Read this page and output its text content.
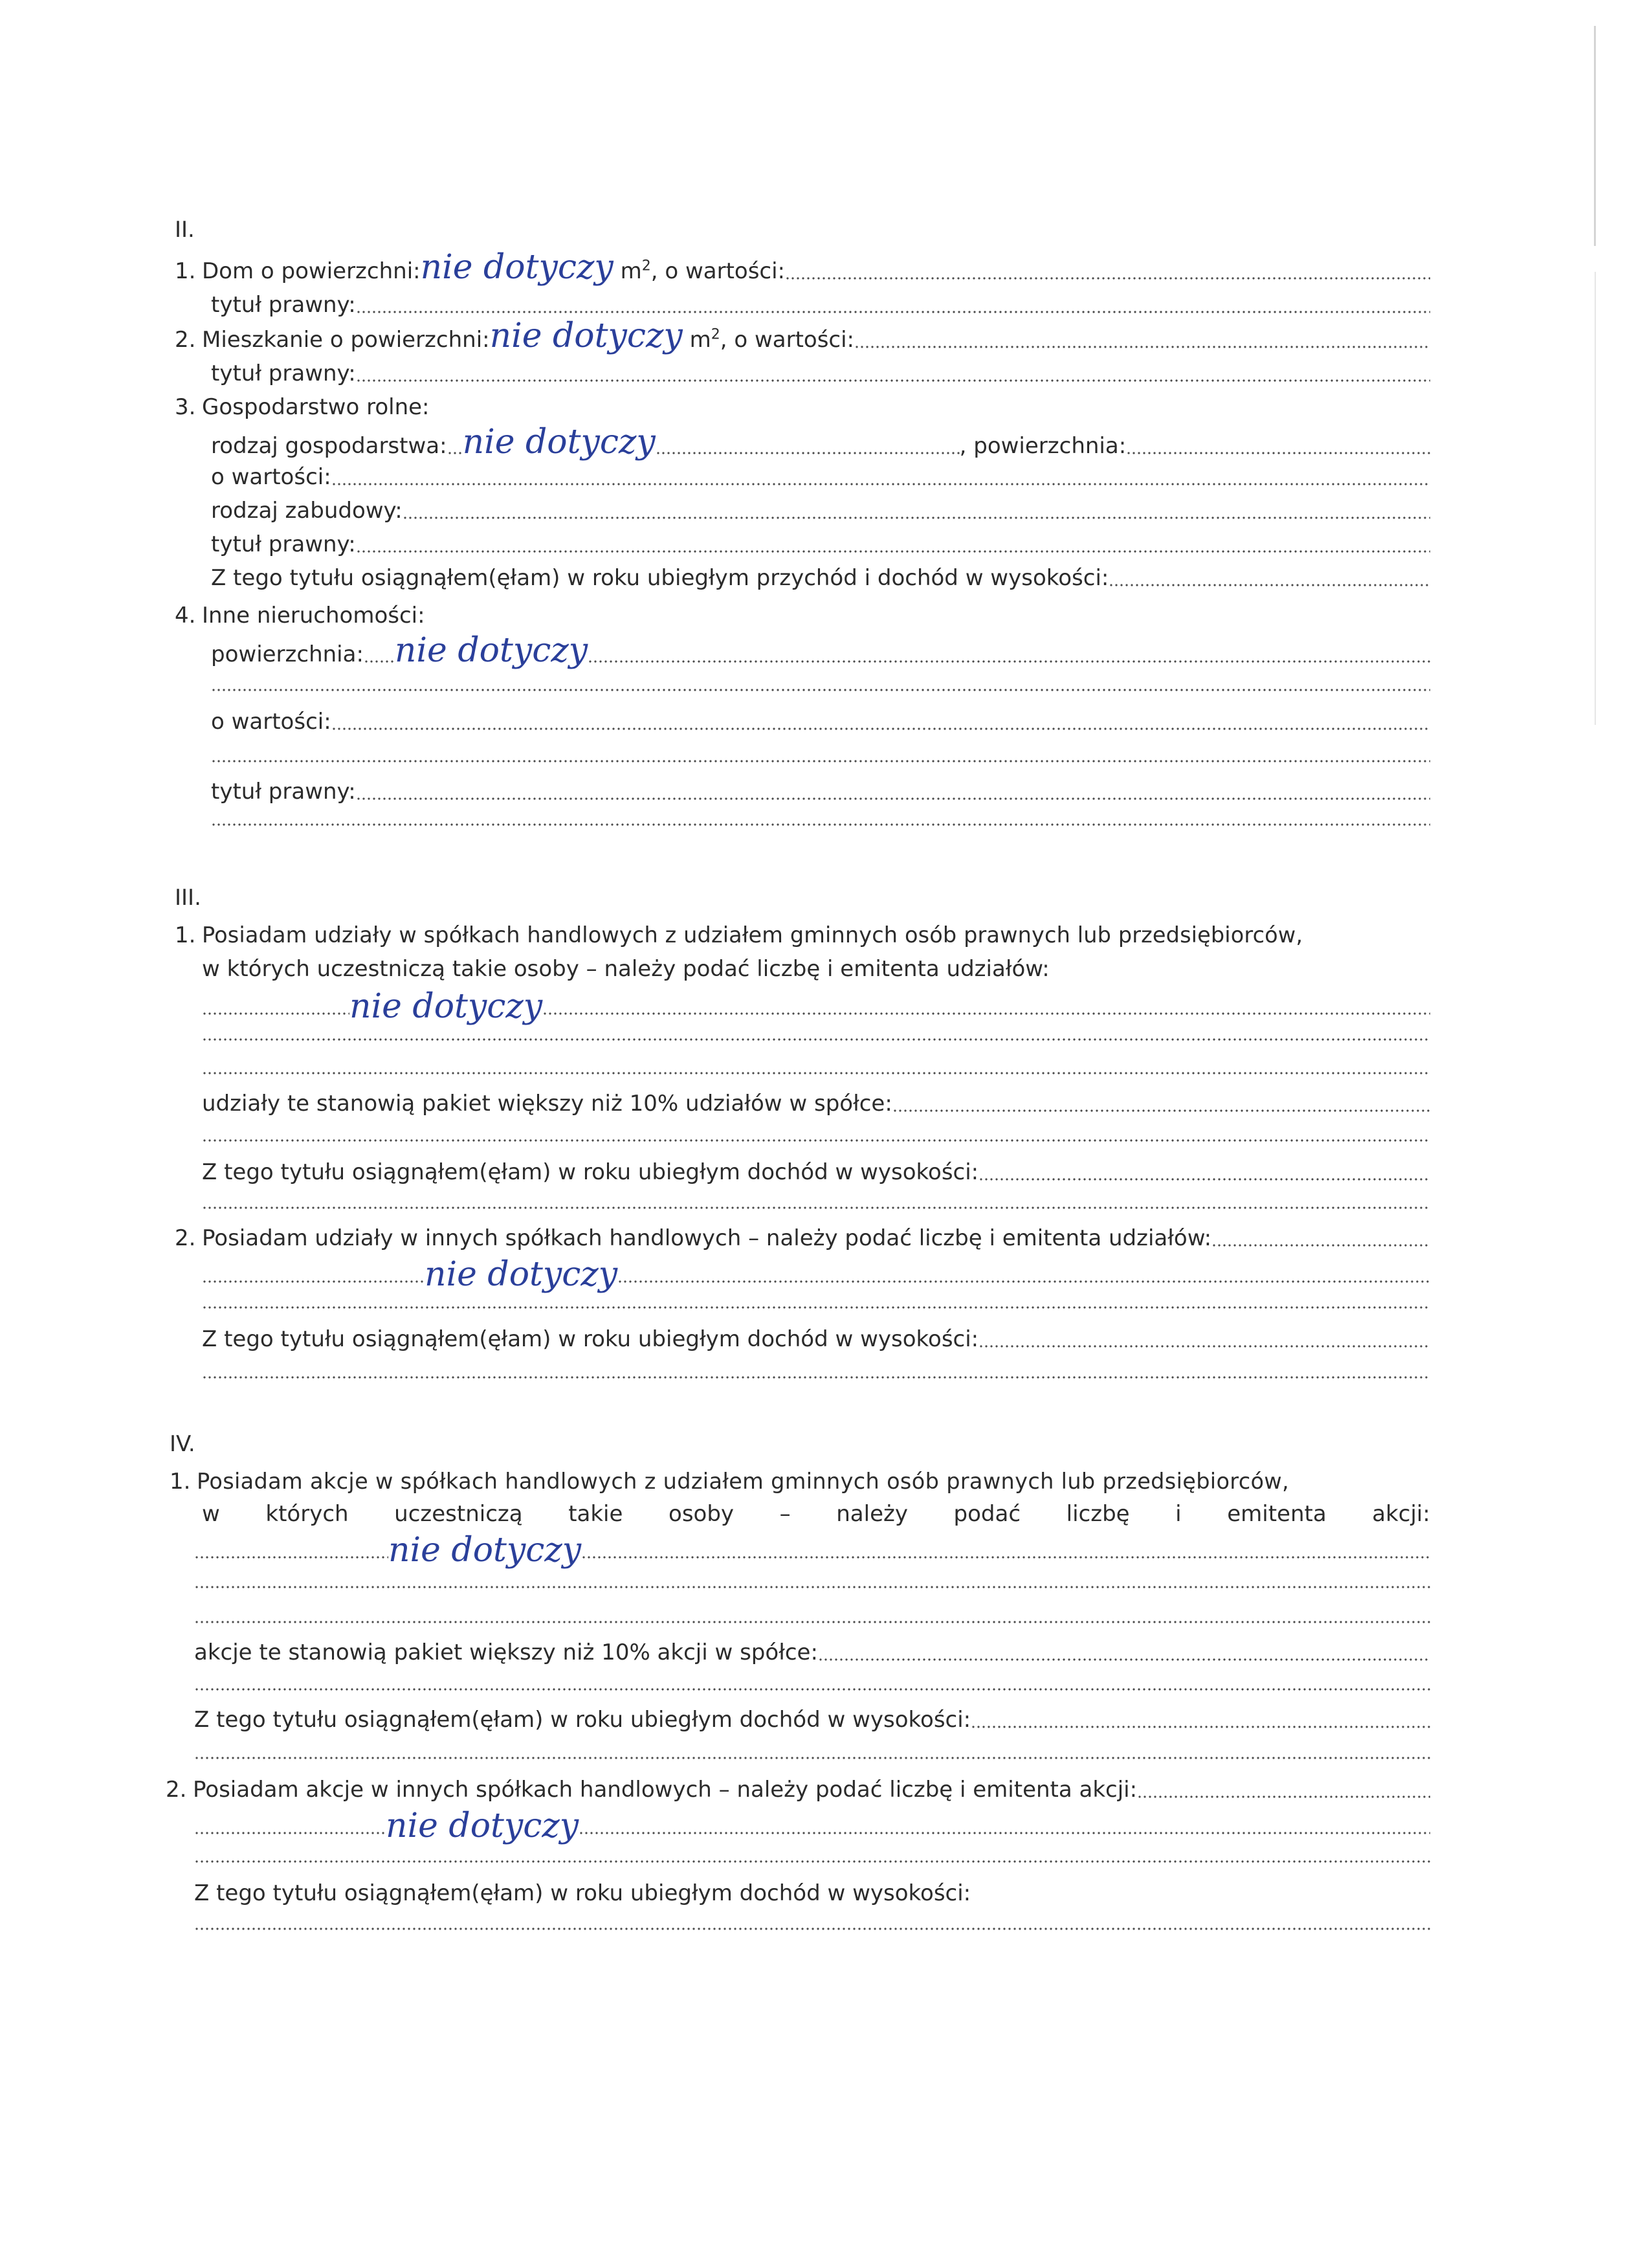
II.
1. Dom o powierzchni: nie dotyczy $m^2$ , o wartości:
tytuł prawny:
2. Mieszkanie o powierzchni: nie dotyczy $m^2$ , o wartości:
tytuł prawny:
3. Gospodarstwo rolne:
rodzaj gospodarstwa: nie dotyczy	, powierzchnia:
o wartości:
rodzaj zabudowy:
tytuł prawny:
Z tego tytułu osiągnąłem(ęłam) w roku ubiegłym przychód i dochód w wysokości:
4. Inne nieruchomości:
powierzchnia: nie dotyczy
o wartości:
tytuł prawny:
III.
1. Posiadam udziały w spółkach handlowych z udziałem gminnych osób prawnych lub przedsiębiorców,
w których uczestniczą takie osoby – należy podać liczbę i emitenta udziałów:
nie dotyczy
udziały te stanowią pakiet większy niż 10% udziałów w spółce:
Z tego tytułu osiągnąłem(ęłam) w roku ubiegłym dochód w wysokości:
2. Posiadam udziały w innych spółkach handlowych – należy podać liczbę i emitenta udziałów:
nie dotyczy
Z tego tytułu osiągnąłem(ęłam) w roku ubiegłym dochód w wysokości:
IV.
1. Posiadam akcje w spółkach handlowych z udziałem gminnych osób prawnych lub przedsiębiorców,
w których uczestniczą takie osoby – należy podać liczbę i emitenta akcji:
nie dotyczy
akcje te stanowią pakiet większy niż 10% akcji w spółce:
Z tego tytułu osiągnąłem(ęłam) w roku ubiegłym dochód w wysokości:
2. Posiadam akcje w innych spółkach handlowych – należy podać liczbę i emitenta akcji:
nie dotyczy
Z tego tytułu osiągnąłem(ęłam) w roku ubiegłym dochód w wysokości:
